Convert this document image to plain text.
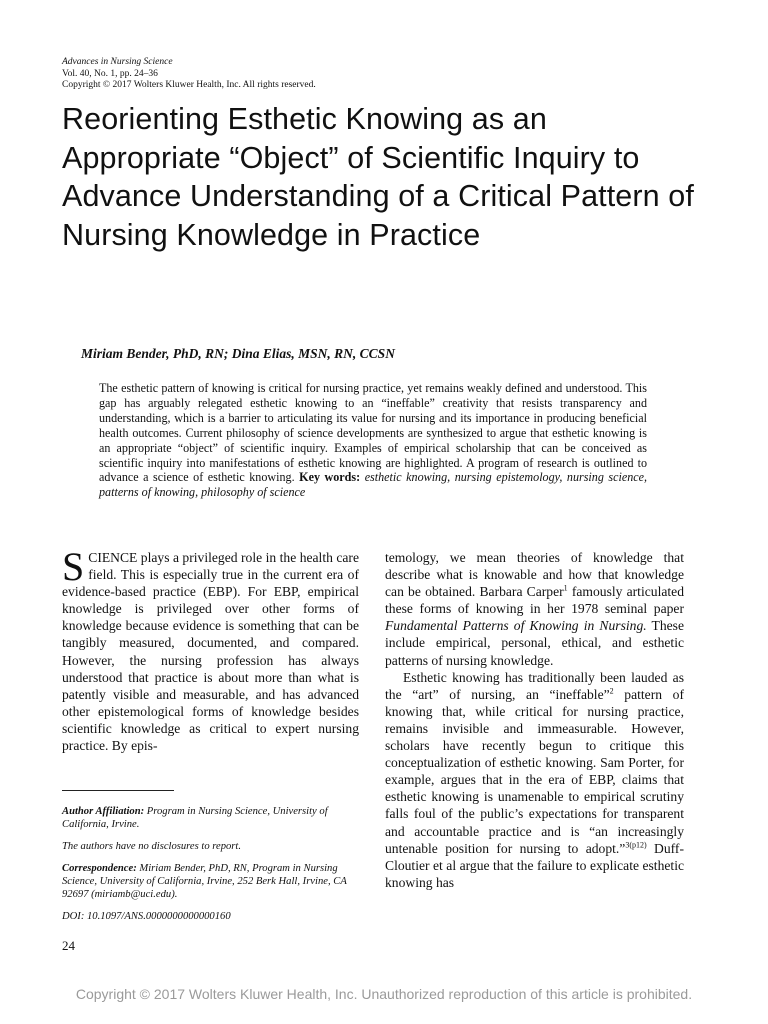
Advances in Nursing Science
Vol. 40, No. 1, pp. 24–36
Copyright © 2017 Wolters Kluwer Health, Inc. All rights reserved.
Reorienting Esthetic Knowing as an Appropriate “Object” of Scientific Inquiry to Advance Understanding of a Critical Pattern of Nursing Knowledge in Practice
Miriam Bender, PhD, RN; Dina Elias, MSN, RN, CCSN
The esthetic pattern of knowing is critical for nursing practice, yet remains weakly defined and understood. This gap has arguably relegated esthetic knowing to an “ineffable” creativity that resists transparency and understanding, which is a barrier to articulating its value for nursing and its importance in producing beneficial health outcomes. Current philosophy of science developments are synthesized to argue that esthetic knowing is an appropriate “object” of scientific inquiry. Examples of empirical scholarship that can be conceived as scientific inquiry into manifestations of esthetic knowing are highlighted. A program of research is outlined to advance a science of esthetic knowing. Key words: esthetic knowing, nursing epistemology, nursing science, patterns of knowing, philosophy of science

SCIENCE plays a privileged role in the health care field. This is especially true in the current era of evidence-based practice (EBP). For EBP, empirical knowledge is privileged over other forms of knowledge because evidence is something that can be tangibly measured, documented, and compared. However, the nursing profession has always understood that practice is about more than what is patently visible and measurable, and has advanced other epistemological forms of knowledge besides scientific knowledge as critical to expert nursing practice. By epis-

temology, we mean theories of knowledge that describe what is knowable and how that knowledge can be obtained. Barbara Carper$^1$ famously articulated these forms of knowing in her 1978 seminal paper Fundamental Patterns of Knowing in Nursing. These include empirical, personal, ethical, and esthetic patterns of nursing knowledge.

Esthetic knowing has traditionally been lauded as the “art” of nursing, an “ineffable”$^2$ pattern of knowing that, while critical for nursing practice, remains invisible and immeasurable. However, scholars have recently begun to critique this conceptualization of esthetic knowing. Sam Porter, for example, argues that in the era of EBP, claims that esthetic knowing is unamenable to empirical scrutiny falls foul of the public’s expectations for transparent and accountable practice and is “an increasingly untenable position for nursing to adopt.”$^{3(p12)}$ Duff-Cloutier et al argue that the failure to explicate esthetic knowing has

Author Affiliation: Program in Nursing Science, University of California, Irvine.

The authors have no disclosures to report.

Correspondence: Miriam Bender, PhD, RN, Program in Nursing Science, University of California, Irvine, 252 Berk Hall, Irvine, CA 92697 (miriamb@uci.edu).

DOI: 10.1097/ANS.0000000000000160

24
Copyright © 2017 Wolters Kluwer Health, Inc. Unauthorized reproduction of this article is prohibited.
